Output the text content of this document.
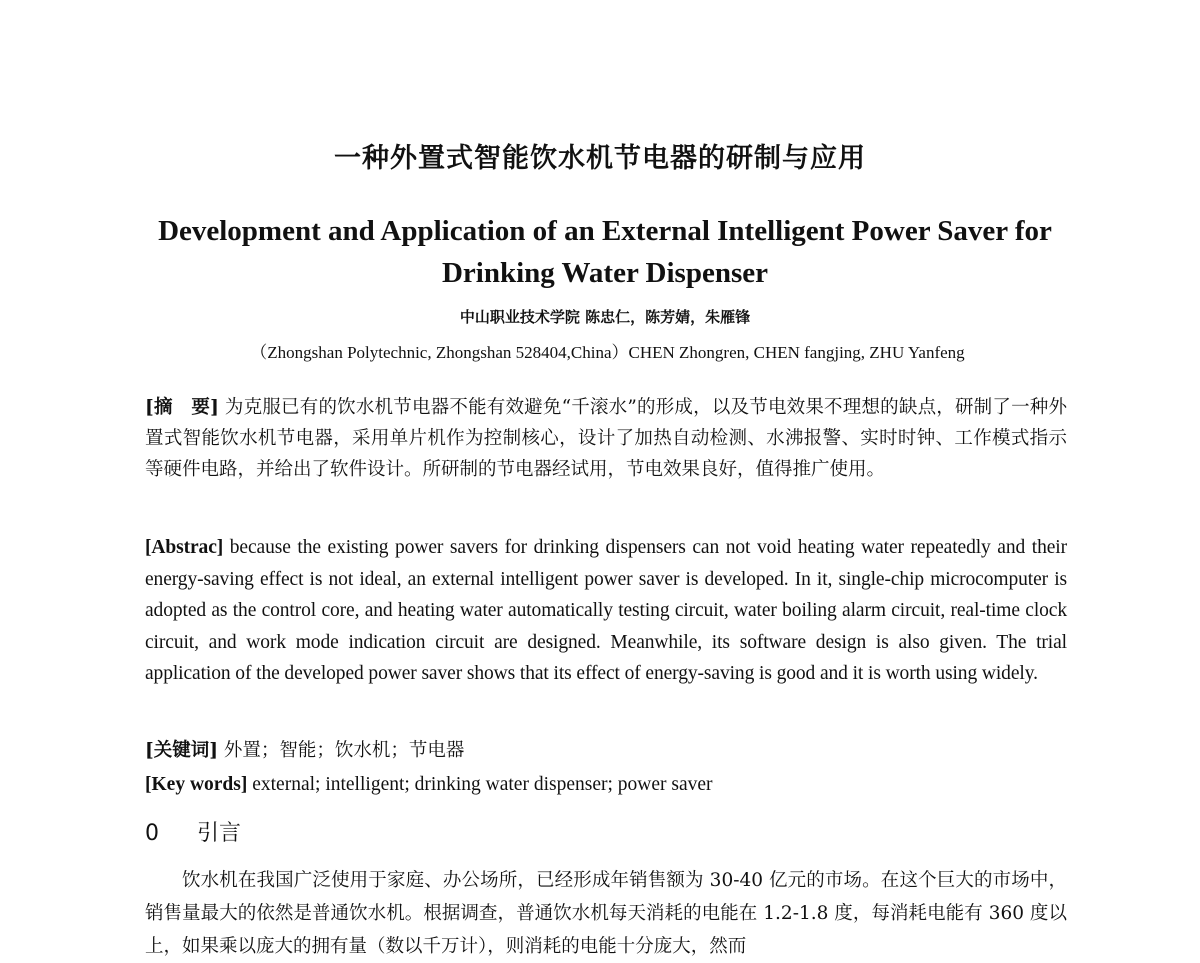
一种外置式智能饮水机节电器的研制与应用
Development and Application of an External Intelligent Power Saver for Drinking Water Dispenser
中山职业技术学院 陈忠仁，陈芳婧，朱雁锋
（Zhongshan Polytechnic, Zhongshan 528404,China）CHEN Zhongren, CHEN fangjing, ZHU Yanfeng
[摘　要] 为克服已有的饮水机节电器不能有效避免“千滚水”的形成，以及节电效果不理想的缺点，研制了一种外置式智能饮水机节电器，采用单片机作为控制核心，设计了加热自动检测、水沸报警、实时时钟、工作模式指示等硬件电路，并给出了软件设计。所研制的节电器经试用，节电效果良好，值得推广使用。
[Abstrac] because the existing power savers for drinking dispensers can not void heating water repeatedly and their energy-saving effect is not ideal, an external intelligent power saver is developed. In it, single-chip microcomputer is adopted as the control core, and heating water automatically testing circuit, water boiling alarm circuit, real-time clock circuit, and work mode indication circuit are designed. Meanwhile, its software design is also given. The trial application of the developed power saver shows that its effect of energy-saving is good and it is worth using widely.
[关键词] 外置；智能；饮水机；节电器
[Key words] external; intelligent; drinking water dispenser; power saver
0 引言
饮水机在我国广泛使用于家庭、办公场所，已经形成年销售额为 30-40 亿元的市场。在这个巨大的市场中，销售量最大的依然是普通饮水机。根据调查，普通饮水机每天消耗的电能在 1.2-1.8 度，每消耗电能有 360 度以上，如果乘以庞大的拥有量（数以千万计），则消耗的电能十分庞大，然而
